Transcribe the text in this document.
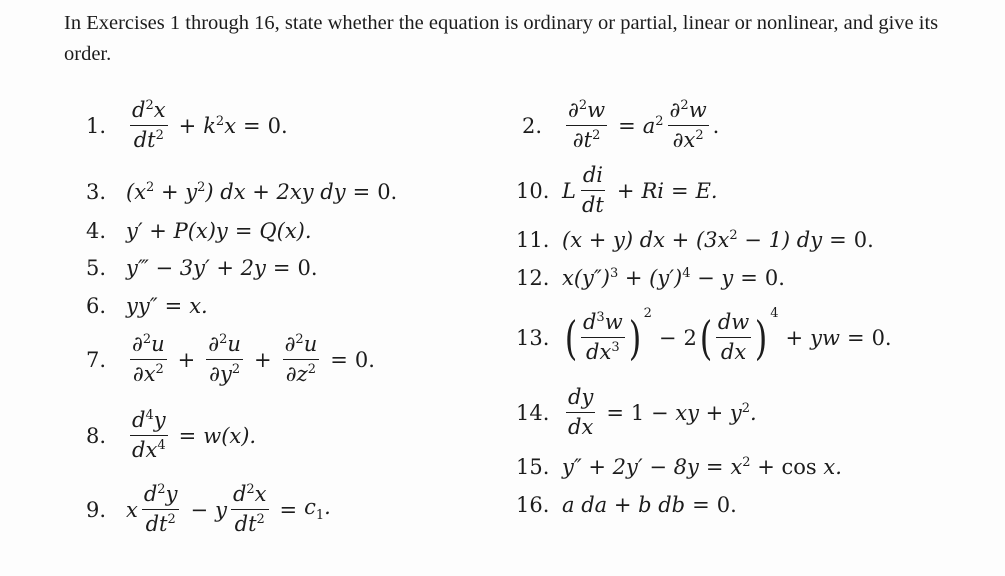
In Exercises 1 through 16, state whether the equation is ordinary or partial, linear or nonlinear, and give its order.
1.	$\frac{d^2x}{dt^2} + k^2x = 0$.
3. $(x^2 + y^2)$ dx + 2xy dy = 0.
4. y′ + P(x)y = Q(x).
5. y‴ − 3y′ + 2y = 0.
6. yy″ = x.
7.	$\frac{\partial^2u}{\partial x^2} + \frac{\partial^2u}{\partial y^2} + \frac{\partial^2u}{\partial z^2} = 0$.
8.	$\frac{d^4y}{dx^4} = w(x)$.
9. x $\frac{d^2y}{dt^2} - y \frac{d^2x}{dt^2} = c_1$.
2.	$\frac{\partial^2w}{\partial t^2} = a^2 \frac{\partial^2w}{\partial x^2}$ .
10. L $\frac{di}{dt} + Ri = E$.
11. (x + y) dx + $(3x^2 - 1)$ dy = 0.
12. $x(y'')^3 + (y')^4 - y = 0$.
13. ( $\frac{d^3w}{dx^3}$ ) 2
− 2 ( $\frac{dw}{dx}$ ) 4
+ yw = 0.
14. $\frac{dy}{dx} = 1$ − xy + $y^2$.
15. $y'' + 2y' - 8y = x^2 + \cos x$.
16. a da + b db = 0.
